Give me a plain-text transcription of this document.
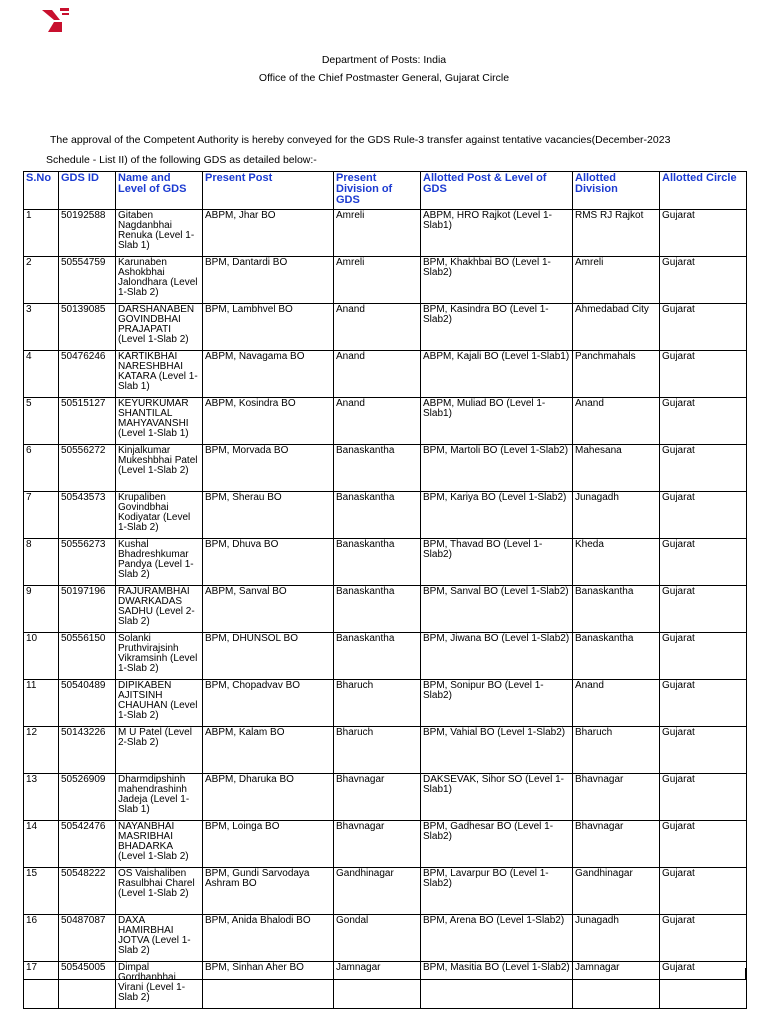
Department of Posts: India
Office of the Chief Postmaster General, Gujarat Circle
The approval of the Competent Authority is hereby conveyed for the GDS Rule-3 transfer against tentative vacancies(December-2023
Schedule - List II) of the following GDS as detailed below:-
S.No	GDS ID	Name and Level of GDS	Present Post	Present Division of GDS	Allotted Post & Level of GDS	Allotted Division	Allotted Circle
1	50192588	Gitaben Nagdanbhai Renuka (Level 1-Slab 1)	ABPM, Jhar BO	Amreli	ABPM, HRO Rajkot (Level 1-Slab1)	RMS RJ Rajkot	Gujarat
2	50554759	Karunaben Ashokbhai Jalondhara (Level 1-Slab 2)	BPM, Dantardi BO	Amreli	BPM, Khakhbai BO (Level 1-Slab2)	Amreli	Gujarat
3	50139085	DARSHANABEN GOVINDBHAI PRAJAPATI (Level 1-Slab 2)	BPM, Lambhvel BO	Anand	BPM, Kasindra BO (Level 1-Slab2)	Ahmedabad City	Gujarat
4	50476246	KARTIKBHAI NARESHBHAI KATARA (Level 1-Slab 1)	ABPM, Navagama BO	Anand	ABPM, Kajali BO (Level 1-Slab1)	Panchmahals	Gujarat
5	50515127	KEYURKUMAR SHANTILAL MAHYAVANSHI (Level 1-Slab 1)	ABPM, Kosindra BO	Anand	ABPM, Muliad BO (Level 1-Slab1)	Anand	Gujarat
6	50556272	Kinjalkumar Mukeshbhai Patel (Level 1-Slab 2)	BPM, Morvada BO	Banaskantha	BPM, Martoli BO (Level 1-Slab2)	Mahesana	Gujarat
7	50543573	Krupaliben Govindbhai Kodiyatar (Level 1-Slab 2)	BPM, Sherau BO	Banaskantha	BPM, Kariya BO (Level 1-Slab2)	Junagadh	Gujarat
8	50556273	Kushal Bhadreshkumar Pandya (Level 1-Slab 2)	BPM, Dhuva BO	Banaskantha	BPM, Thavad BO (Level 1-Slab2)	Kheda	Gujarat
9	50197196	RAJURAMBHAI DWARKADAS SADHU (Level 2-Slab 2)	ABPM, Sanval BO	Banaskantha	BPM, Sanval BO (Level 1-Slab2)	Banaskantha	Gujarat
10	50556150	Solanki Pruthvirajsinh Vikramsinh (Level 1-Slab 2)	BPM, DHUNSOL BO	Banaskantha	BPM, Jiwana BO (Level 1-Slab2)	Banaskantha	Gujarat
11	50540489	DIPIKABEN AJITSINH CHAUHAN (Level 1-Slab 2)	BPM, Chopadvav BO	Bharuch	BPM, Sonipur BO (Level 1-Slab2)	Anand	Gujarat
12	50143226	M U Patel (Level 2-Slab 2)	ABPM, Kalam BO	Bharuch	BPM, Vahial BO (Level 1-Slab2)	Bharuch	Gujarat
13	50526909	Dharmdipshinh mahendrashinh Jadeja (Level 1-Slab 1)	ABPM, Dharuka BO	Bhavnagar	DAKSEVAK, Sihor SO (Level 1-Slab1)	Bhavnagar	Gujarat
14	50542476	NAYANBHAI MASRIBHAI BHADARKA (Level 1-Slab 2)	BPM, Loinga BO	Bhavnagar	BPM, Gadhesar BO (Level 1-Slab2)	Bhavnagar	Gujarat
15	50548222	OS Vaishaliben Rasulbhai Charel (Level 1-Slab 2)	BPM, Gundi Sarvodaya Ashram BO	Gandhinagar	BPM, Lavarpur BO (Level 1-Slab2)	Gandhinagar	Gujarat
16	50487087	DAXA HAMIRBHAI JOTVA (Level 1-Slab 2)	BPM, Anida Bhalodi BO	Gondal	BPM, Arena BO (Level 1-Slab2)	Junagadh	Gujarat
17	50545005	Dimpal Gordhanbhai Virani (Level 1-Slab 2)	BPM, Sinhan Aher BO	Jamnagar	BPM, Masitia BO (Level 1-Slab2)	Jamnagar	Gujarat
